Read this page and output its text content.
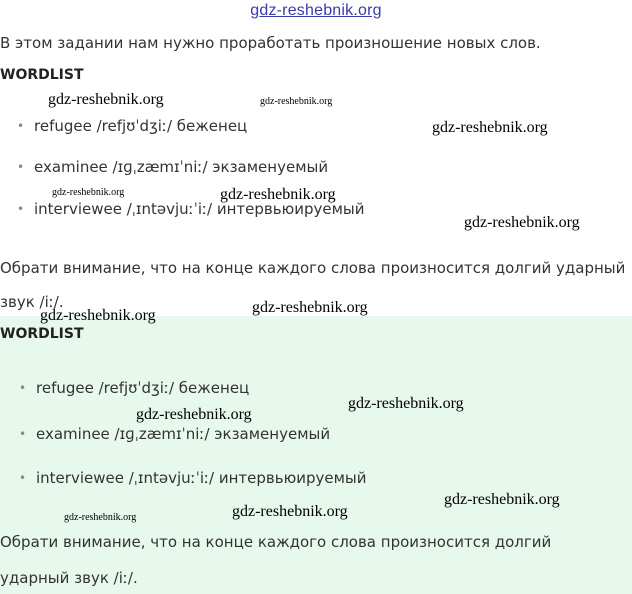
gdz-reshebnik.org
В этом задании нам нужно проработать произношение новых слов.
WORDLIST
• refugee /refjʊˈdʒiː/ беженец
• examinee /ɪɡˌzæmɪˈniː/ экзаменуемый
• interviewee /ˌɪntəvjuːˈiː/ интервьюируемый
Обрати внимание, что на конце каждого слова произносится долгий ударный
звук /iː/.
WORDLIST
• refugee /refjʊˈdʒiː/ беженец
• examinee /ɪɡˌzæmɪˈniː/ экзаменуемый
• interviewee /ˌɪntəvjuːˈiː/ интервьюируемый
Обрати внимание, что на конце каждого слова произносится долгий
ударный звук /iː/.
gdz-reshebnik.org	gdz-reshebnik.org
gdz-reshebnik.org
gdz-reshebnik.org	gdz-reshebnik.org
gdz-reshebnik.org
gdz-reshebnik.org
gdz-reshebnik.org
gdz-reshebnik.org
gdz-reshebnik.org
gdz-reshebnik.org
gdz-reshebnik.org	gdz-reshebnik.org
